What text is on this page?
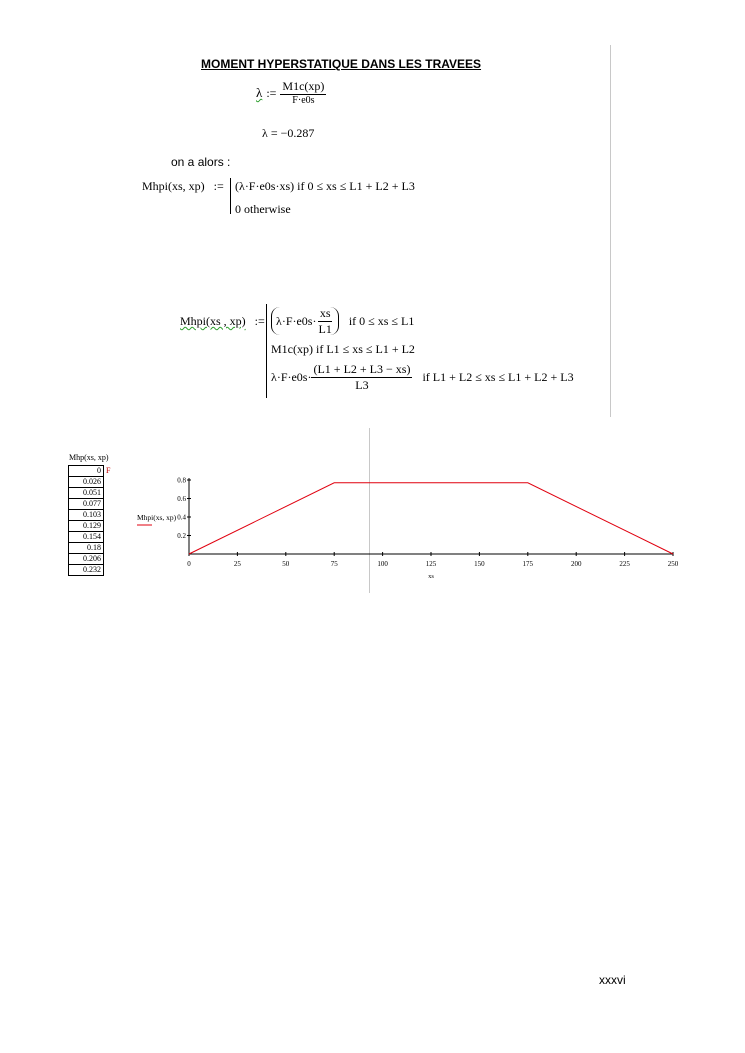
MOMENT HYPERSTATIQUE DANS LES TRAVEES
λ := $\frac{M1c(xp)}{F\cdot e0s}$
λ = −0.287
on a alors :
Mhpi(xs, xp) := (λ·F·e0s·xs) if 0 ≤ xs ≤ L1 + L2 + L3
0 otherwise
Mhpi(xs , xp) := $\lambda\cdot F\cdot e0s\cdot \frac{xs}{L1}$ if 0 ≤ xs ≤ L1
M1c(xp) if L1 ≤ xs ≤ L1 + L2
$\lambda\cdot F\cdot e0s\cdot \frac{(L1 + L2 + L3 - xs)}{L3}$ if L1 + L2 ≤ xs ≤ L1 + L2 + L3
Mhp(xs, xp)
0
0.026
0.051
0.077
0.103
0.129
0.154
0.18
0.206
0.232
F
0	25	50	75	100	125	150	175	200	225	250
0.2
0.4
0.6
0.8
Mhpi(xs, xp)
xs
xxxvi
